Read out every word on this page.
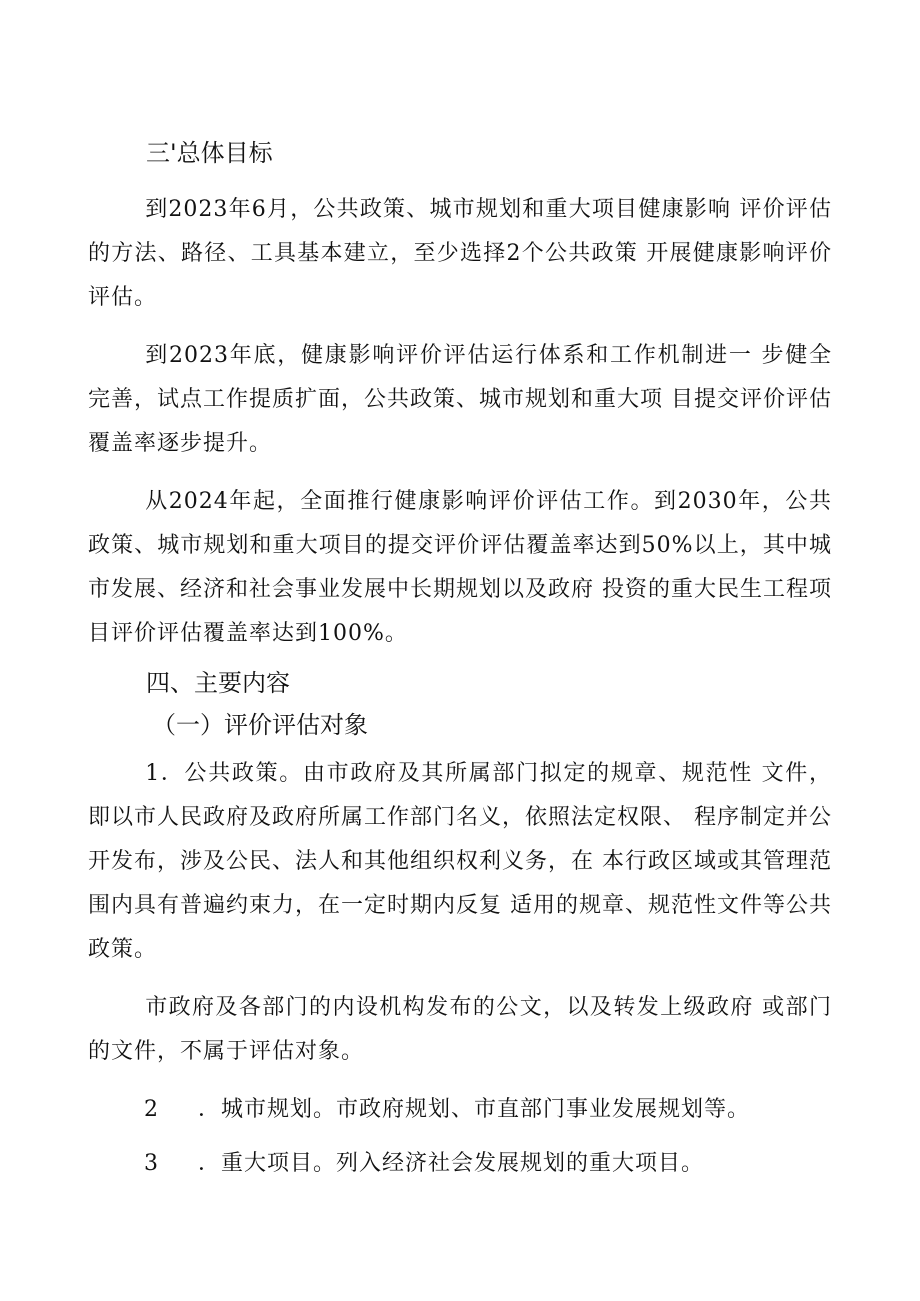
三'总体目标

到2023年6月，公共政策、城市规划和重大项目健康影响 评价评估的方法、路径、工具基本建立，至少选择2个公共政策 开展健康影响评价评估。

到2023年底，健康影响评价评估运行体系和工作机制进一 步健全完善，试点工作提质扩面，公共政策、城市规划和重大项 目提交评价评估覆盖率逐步提升。

从2024年起，全面推行健康影响评价评估工作。到2030年，公共政策、城市规划和重大项目的提交评价评估覆盖率达到50%以上，其中城市发展、经济和社会事业发展中长期规划以及政府 投资的重大民生工程项目评价评估覆盖率达到100%。

四、主要内容
（一）评价评估对象

1．公共政策。由市政府及其所属部门拟定的规章、规范性 文件，即以市人民政府及政府所属工作部门名义，依照法定权限、 程序制定并公开发布，涉及公民、法人和其他组织权利义务，在 本行政区域或其管理范围内具有普遍约束力，在一定时期内反复 适用的规章、规范性文件等公共政策。

市政府及各部门的内设机构发布的公文，以及转发上级政府 或部门的文件，不属于评估对象。

2 ．城市规划。市政府规划、市直部门事业发展规划等。
3 ．重大项目。列入经济社会发展规划的重大项目。
